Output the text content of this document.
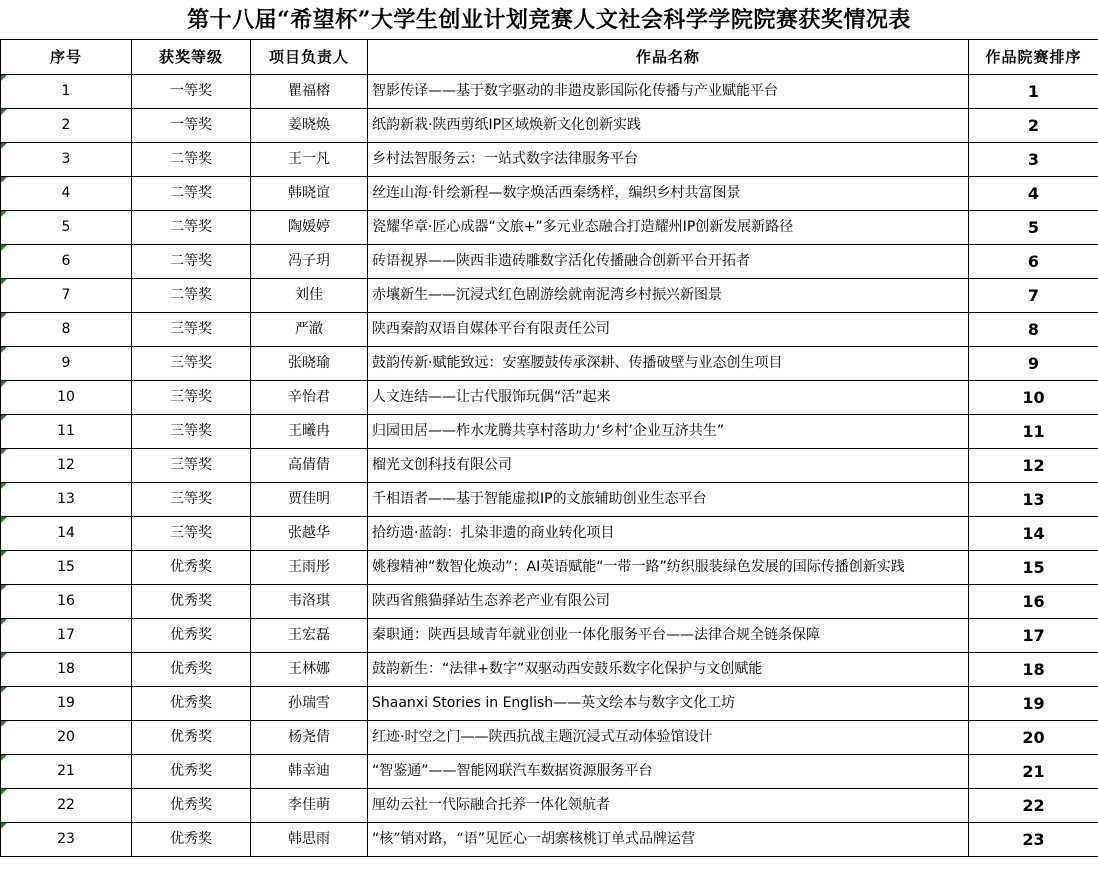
第十八届“希望杯”大学生创业计划竞赛人文社会科学学院院赛获奖情况表
序号	获奖等级	项目负责人	作品名称	作品院赛排序
1	一等奖	瞿福榕	智影传译——基于数字驱动的非遗皮影国际化传播与产业赋能平台	1
2	一等奖	姜晓焕	纸韵新栽·陕西剪纸IP区域焕新文化创新实践	2
3	二等奖	王一凡	乡村法智服务云：一站式数字法律服务平台	3
4	二等奖	韩晓谊	丝连山海·针绘新程—数字焕活西秦绣样，编织乡村共富图景	4
5	二等奖	陶媛婷	瓷耀华章·匠心成器“文旅+”多元业态融合打造耀州IP创新发展新路径	5
6	二等奖	冯子玥	砖语视界——陕西非遗砖雕数字活化传播融合创新平台开拓者	6
7	二等奖	刘佳	赤壤新生——沉浸式红色剧游绘就南泥湾乡村振兴新图景	7
8	三等奖	严澈	陕西秦韵双语自媒体平台有限责任公司	8
9	三等奖	张晓瑜	鼓韵传新·赋能致远：安塞腰鼓传承深耕、传播破壁与业态创生项目	9
10	三等奖	辛怡君	人文连结——让古代服饰玩偶“活”起来	10
11	三等奖	王曦冉	归园田居——柞水龙腾共享村落助力‘乡村’企业互济共生”	11
12	三等奖	高倩倩	榴光文创科技有限公司	12
13	三等奖	贾佳明	千相语者——基于智能虚拟IP的文旅辅助创业生态平台	13
14	三等奖	张越华	拾纺遗·蓝韵：扎染非遗的商业转化项目	14
15	优秀奖	王雨彤	姚穆精神“数智化焕动”：AI英语赋能“一带一路”纺织服装绿色发展的国际传播创新实践	15
16	优秀奖	韦洛琪	陕西省熊猫驿站生态养老产业有限公司	16
17	优秀奖	王宏磊	秦职通：陕西县域青年就业创业一体化服务平台——法律合规全链条保障	17
18	优秀奖	王林娜	鼓韵新生：“法律+数字”双驱动西安鼓乐数字化保护与文创赋能	18
19	优秀奖	孙瑞雪	Shaanxi Stories in English——英文绘本与数字文化工坊	19
20	优秀奖	杨尧倩	红迹·时空之门——陕西抗战主题沉浸式互动体验馆设计	20
21	优秀奖	韩幸迪	“智鉴通”——智能网联汽车数据资源服务平台	21
22	优秀奖	李佳萌	厘幼云社一代际融合托养一体化领航者	22
23	优秀奖	韩思雨	“核”销对路，“语”见匠心一胡寨核桃订单式品牌运营	23
